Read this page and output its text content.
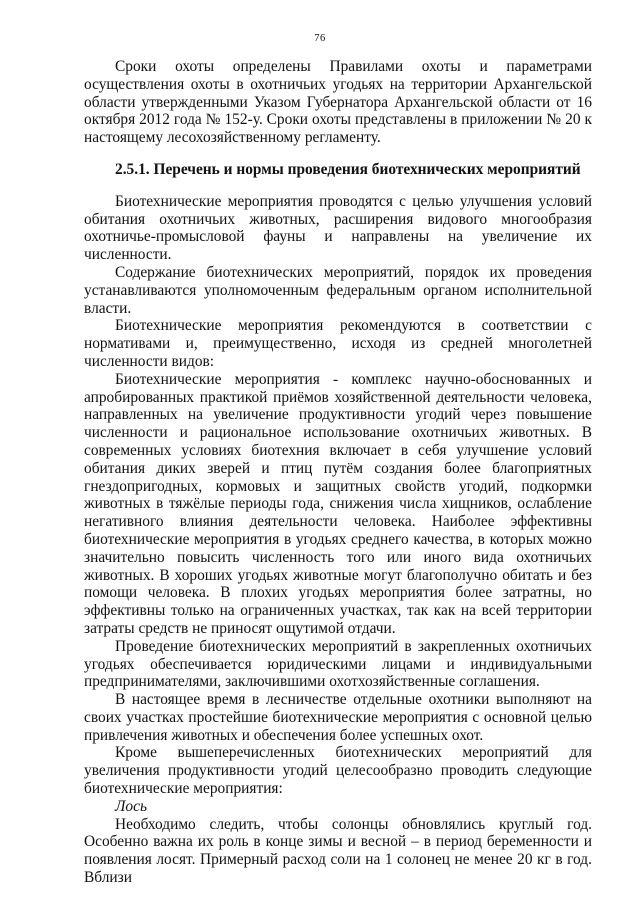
76

Сроки охоты определены Правилами охоты и параметрами осуществления охоты в охотничьих угодьях на территории Архангельской области утвержденными Указом Губернатора Архангельской области от 16 октября 2012 года № 152-у. Сроки охоты представлены в приложении № 20 к настоящему лесохозяйственному регламенту.

2.5.1. Перечень и нормы проведения биотехнических мероприятий

Биотехнические мероприятия проводятся с целью улучшения условий обитания охотничьих животных, расширения видового многообразия охотничье-промысловой фауны и направлены на увеличение их численности.

Содержание биотехнических мероприятий, порядок их проведения устанавливаются уполномоченным федеральным органом исполнительной власти.

Биотехнические мероприятия рекомендуются в соответствии с нормативами и, преимущественно, исходя из средней многолетней численности видов:

Биотехнические мероприятия - комплекс научно-обоснованных и апробированных практикой приёмов хозяйственной деятельности человека, направленных на увеличение продуктивности угодий через повышение численности и рациональное использование охотничьих животных. В современных условиях биотехния включает в себя улучшение условий обитания диких зверей и птиц путём создания более благоприятных гнездопригодных, кормовых и защитных свойств угодий, подкормки животных в тяжёлые периоды года, снижения числа хищников, ослабление негативного влияния деятельности человека. Наиболее эффективны биотехнические мероприятия в угодьях среднего качества, в которых можно значительно повысить численность того или иного вида охотничьих животных. В хороших угодьях животные могут благополучно обитать и без помощи человека. В плохих угодьях мероприятия более затратны, но эффективны только на ограниченных участках, так как на всей территории затраты средств не приносят ощутимой отдачи.

Проведение биотехнических мероприятий в закрепленных охотничьих угодьях обеспечивается юридическими лицами и индивидуальными предпринимателями, заключившими охотхозяйственные соглашения.

В настоящее время в лесничестве отдельные охотники выполняют на своих участках простейшие биотехнические мероприятия с основной целью привлечения животных и обеспечения более успешных охот.

Кроме вышеперечисленных биотехнических мероприятий для увеличения продуктивности угодий целесообразно проводить следующие биотехнические мероприятия:

Лось

Необходимо следить, чтобы солонцы обновлялись круглый год. Особенно важна их роль в конце зимы и весной – в период беременности и появления лосят. Примерный расход соли на 1 солонец не менее 20 кг в год. Вблизи
